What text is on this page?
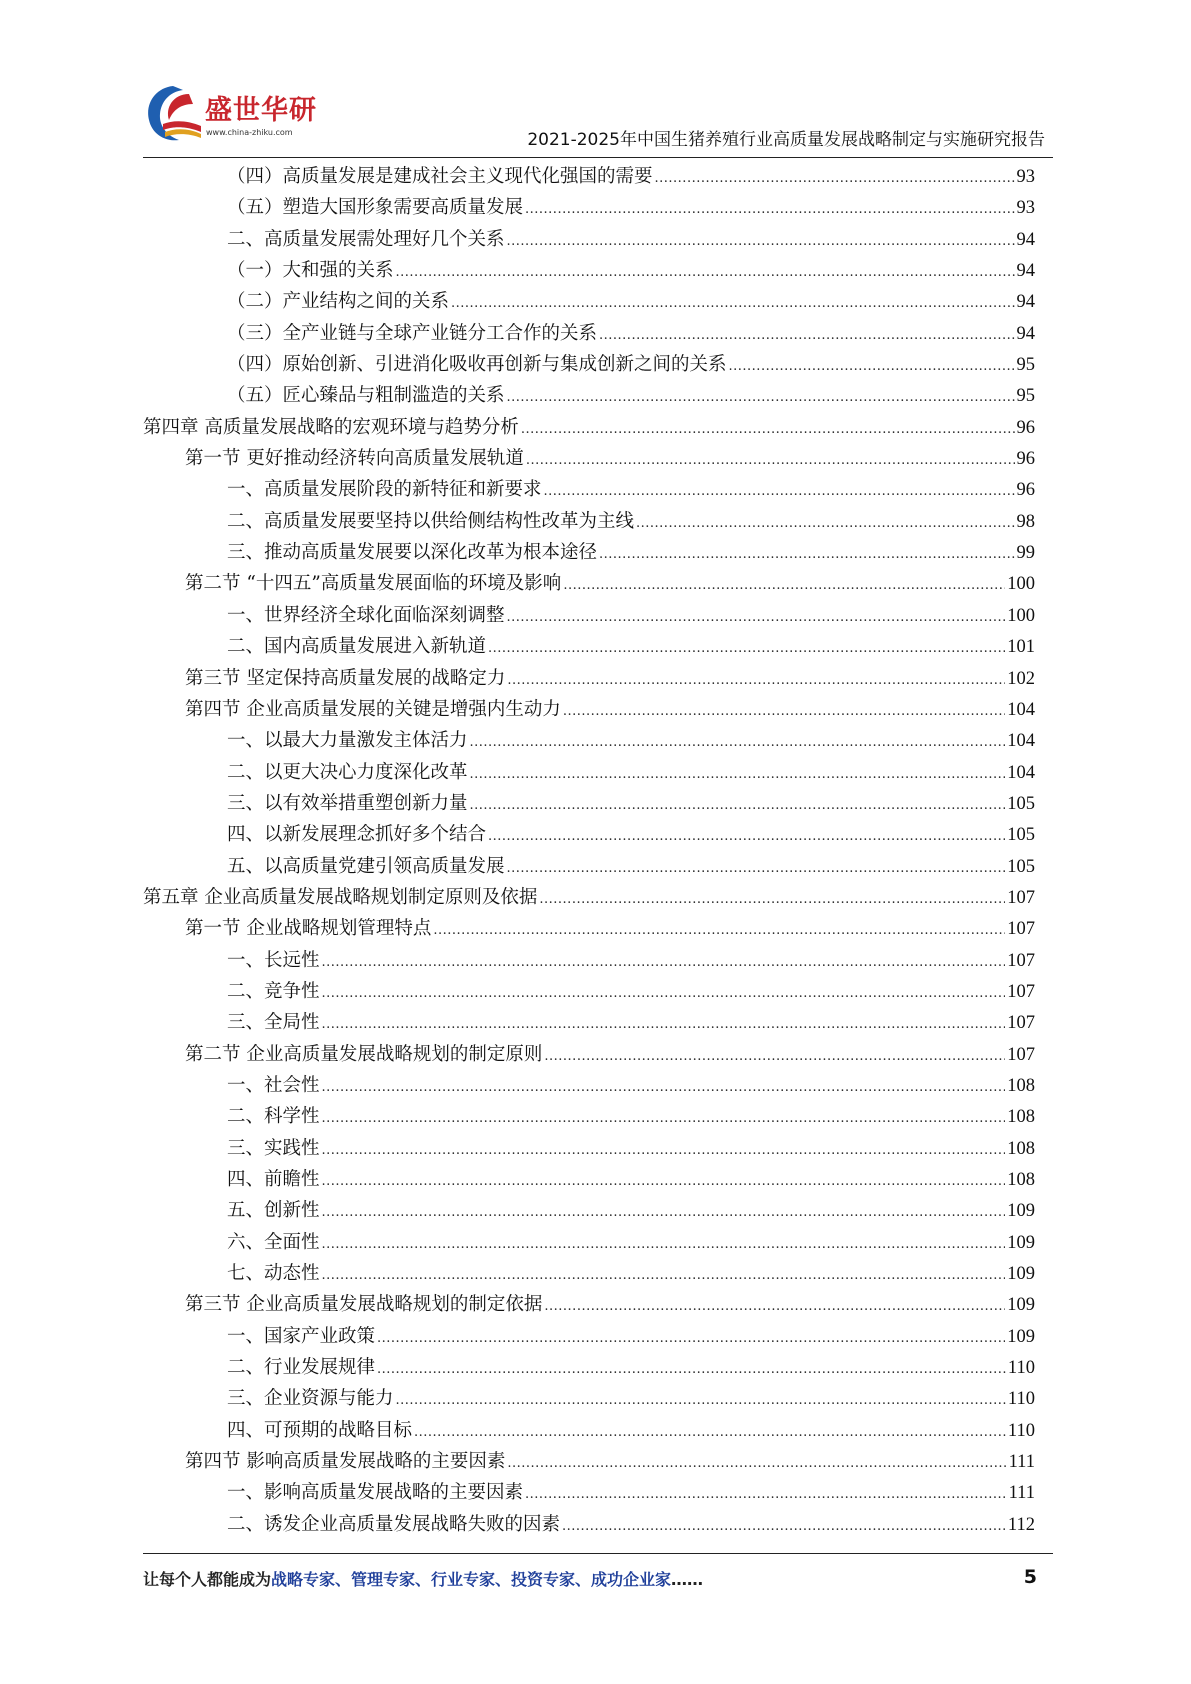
盛世华研
www.china-zhiku.com	2021-2025年中国生猪养殖行业高质量发展战略制定与实施研究报告
（四）高质量发展是建成社会主义现代化强国的需要 .....	93
（五）塑造大国形象需要高质量发展 .....	93
二、高质量发展需处理好几个关系 .....	94
（一）大和强的关系 .....	94
（二）产业结构之间的关系 .....	94
（三）全产业链与全球产业链分工合作的关系 .....	94
（四）原始创新、引进消化吸收再创新与集成创新之间的关系 .....	95
（五）匠心臻品与粗制滥造的关系 .....	95
第四章 高质量发展战略的宏观环境与趋势分析 .....	96
第一节 更好推动经济转向高质量发展轨道 .....	96
一、高质量发展阶段的新特征和新要求 .....	96
二、高质量发展要坚持以供给侧结构性改革为主线 .....	98
三、推动高质量发展要以深化改革为根本途径 .....	99
第二节 “十四五”高质量发展面临的环境及影响 .....	100
一、世界经济全球化面临深刻调整 .....	100
二、国内高质量发展进入新轨道 .....	101
第三节 坚定保持高质量发展的战略定力 .....	102
第四节 企业高质量发展的关键是增强内生动力 .....	104
一、以最大力量激发主体活力 .....	104
二、以更大决心力度深化改革 .....	104
三、以有效举措重塑创新力量 .....	105
四、以新发展理念抓好多个结合 .....	105
五、以高质量党建引领高质量发展 .....	105
第五章 企业高质量发展战略规划制定原则及依据 .....	107
第一节 企业战略规划管理特点 .....	107
一、长远性 .....	107
二、竞争性 .....	107
三、全局性 .....	107
第二节 企业高质量发展战略规划的制定原则 .....	107
一、社会性 .....	108
二、科学性 .....	108
三、实践性 .....	108
四、前瞻性 .....	108
五、创新性 .....	109
六、全面性 .....	109
七、动态性 .....	109
第三节 企业高质量发展战略规划的制定依据 .....	109
一、国家产业政策 .....	109
二、行业发展规律 .....	110
三、企业资源与能力 .....	110
四、可预期的战略目标 .....	110
第四节 影响高质量发展战略的主要因素 .....	111
一、影响高质量发展战略的主要因素 .....	111
二、诱发企业高质量发展战略失败的因素 .....	112
让每个人都能成为战略专家、管理专家、行业专家、投资专家、成功企业家……	5
